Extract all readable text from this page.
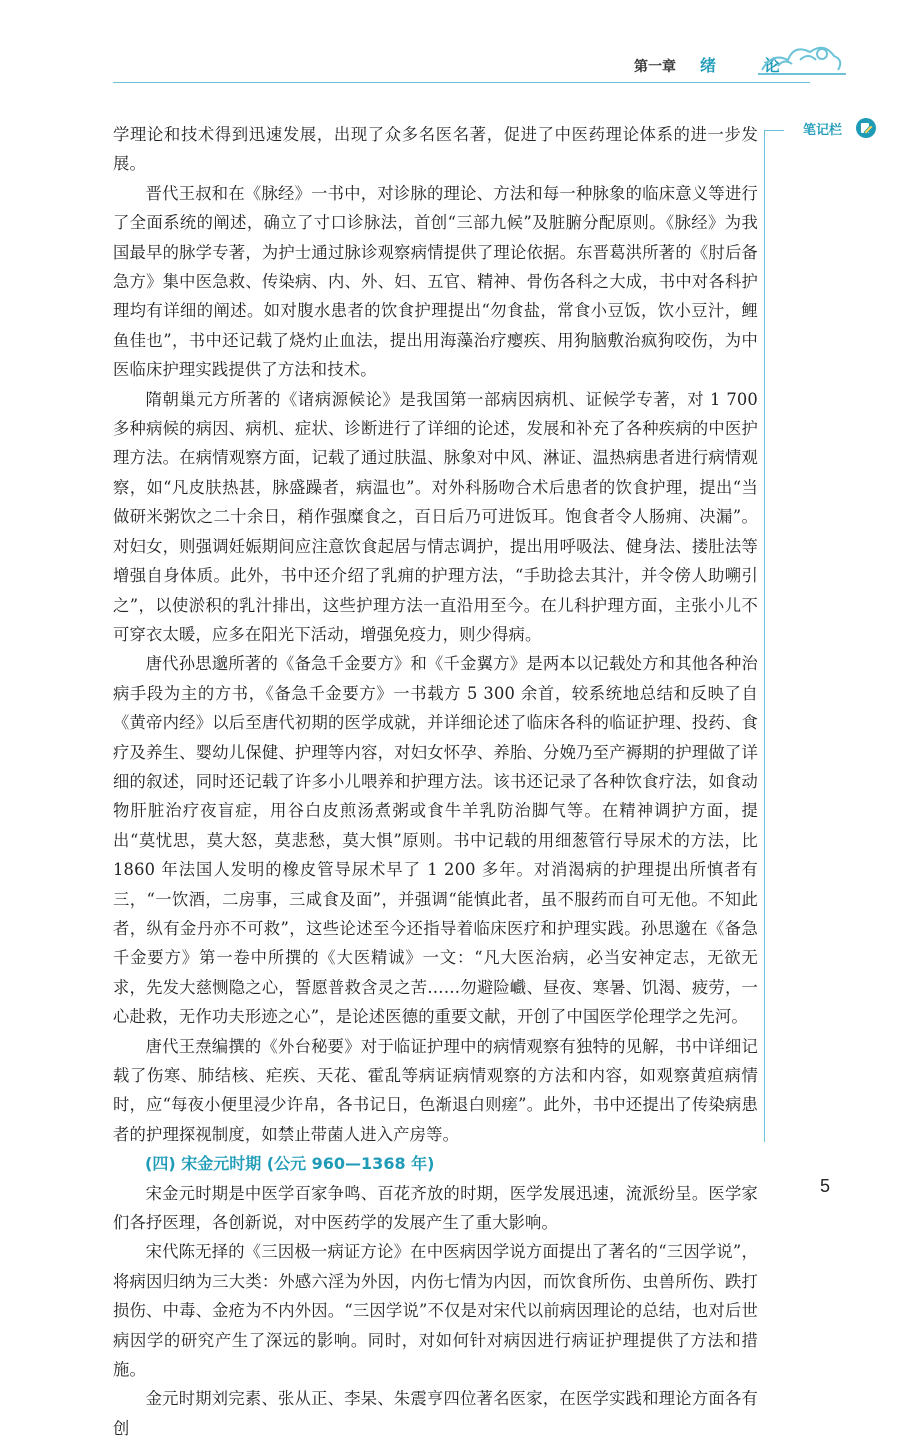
第一章 绪　论
笔记栏

学理论和技术得到迅速发展，出现了众多名医名著，促进了中医药理论体系的进一步发展。

晋代王叔和在《脉经》一书中，对诊脉的理论、方法和每一种脉象的临床意义等进行了全面系统的阐述，确立了寸口诊脉法，首创“三部九候”及脏腑分配原则。《脉经》为我国最早的脉学专著，为护士通过脉诊观察病情提供了理论依据。东晋葛洪所著的《肘后备急方》集中医急救、传染病、内、外、妇、五官、精神、骨伤各科之大成，书中对各科护理均有详细的阐述。如对腹水患者的饮食护理提出“勿食盐，常食小豆饭，饮小豆汁，鲤鱼佳也”，书中还记载了烧灼止血法，提出用海藻治疗瘿疾、用狗脑敷治疯狗咬伤，为中医临床护理实践提供了方法和技术。

隋朝巢元方所著的《诸病源候论》是我国第一部病因病机、证候学专著，对 1 700 多种病候的病因、病机、症状、诊断进行了详细的论述，发展和补充了各种疾病的中医护理方法。在病情观察方面，记载了通过肤温、脉象对中风、淋证、温热病患者进行病情观察，如“凡皮肤热甚，脉盛躁者，病温也”。对外科肠吻合术后患者的饮食护理，提出“当做研米粥饮之二十余日，稍作强糜食之，百日后乃可进饭耳。饱食者令人肠痈、决漏”。对妇女，则强调妊娠期间应注意饮食起居与情志调护，提出用呼吸法、健身法、搂肚法等增强自身体质。此外，书中还介绍了乳痈的护理方法，“手助捻去其汁，并令傍人助嗍引之”，以使淤积的乳汁排出，这些护理方法一直沿用至今。在儿科护理方面，主张小儿不可穿衣太暖，应多在阳光下活动，增强免疫力，则少得病。

唐代孙思邈所著的《备急千金要方》和《千金翼方》是两本以记载处方和其他各种治病手段为主的方书，《备急千金要方》一书载方 5 300 余首，较系统地总结和反映了自《黄帝内经》以后至唐代初期的医学成就，并详细论述了临床各科的临证护理、投药、食疗及养生、婴幼儿保健、护理等内容，对妇女怀孕、养胎、分娩乃至产褥期的护理做了详细的叙述，同时还记载了许多小儿喂养和护理方法。该书还记录了各种饮食疗法，如食动物肝脏治疗夜盲症，用谷白皮煎汤煮粥或食牛羊乳防治脚气等。在精神调护方面，提出“莫忧思，莫大怒，莫悲愁，莫大惧”原则。书中记载的用细葱管行导尿术的方法，比 1860 年法国人发明的橡皮管导尿术早了 1 200 多年。对消渴病的护理提出所慎者有三，“一饮酒，二房事，三咸食及面”，并强调“能慎此者，虽不服药而自可无他。不知此者，纵有金丹亦不可救”，这些论述至今还指导着临床医疗和护理实践。孙思邈在《备急千金要方》第一卷中所撰的《大医精诚》一文：“凡大医治病，必当安神定志，无欲无求，先发大慈恻隐之心，誓愿普救含灵之苦……勿避险巇、昼夜、寒暑、饥渴、疲劳，一心赴救，无作功夫形迹之心”，是论述医德的重要文献，开创了中国医学伦理学之先河。

唐代王焘编撰的《外台秘要》对于临证护理中的病情观察有独特的见解，书中详细记载了伤寒、肺结核、疟疾、天花、霍乱等病证病情观察的方法和内容，如观察黄疸病情时，应“每夜小便里浸少许帛，各书记日，色渐退白则瘥”。此外，书中还提出了传染病患者的护理探视制度，如禁止带菌人进入产房等。

(四) 宋金元时期 (公元 960—1368 年)

宋金元时期是中医学百家争鸣、百花齐放的时期，医学发展迅速，流派纷呈。医学家们各抒医理，各创新说，对中医药学的发展产生了重大影响。

宋代陈无择的《三因极一病证方论》在中医病因学说方面提出了著名的“三因学说”，将病因归纳为三大类：外感六淫为外因，内伤七情为内因，而饮食所伤、虫兽所伤、跌打损伤、中毒、金疮为不内外因。“三因学说”不仅是对宋代以前病因理论的总结，也对后世病因学的研究产生了深远的影响。同时，对如何针对病因进行病证护理提供了方法和措施。

金元时期刘完素、张从正、李杲、朱震亨四位著名医家，在医学实践和理论方面各有创

5
